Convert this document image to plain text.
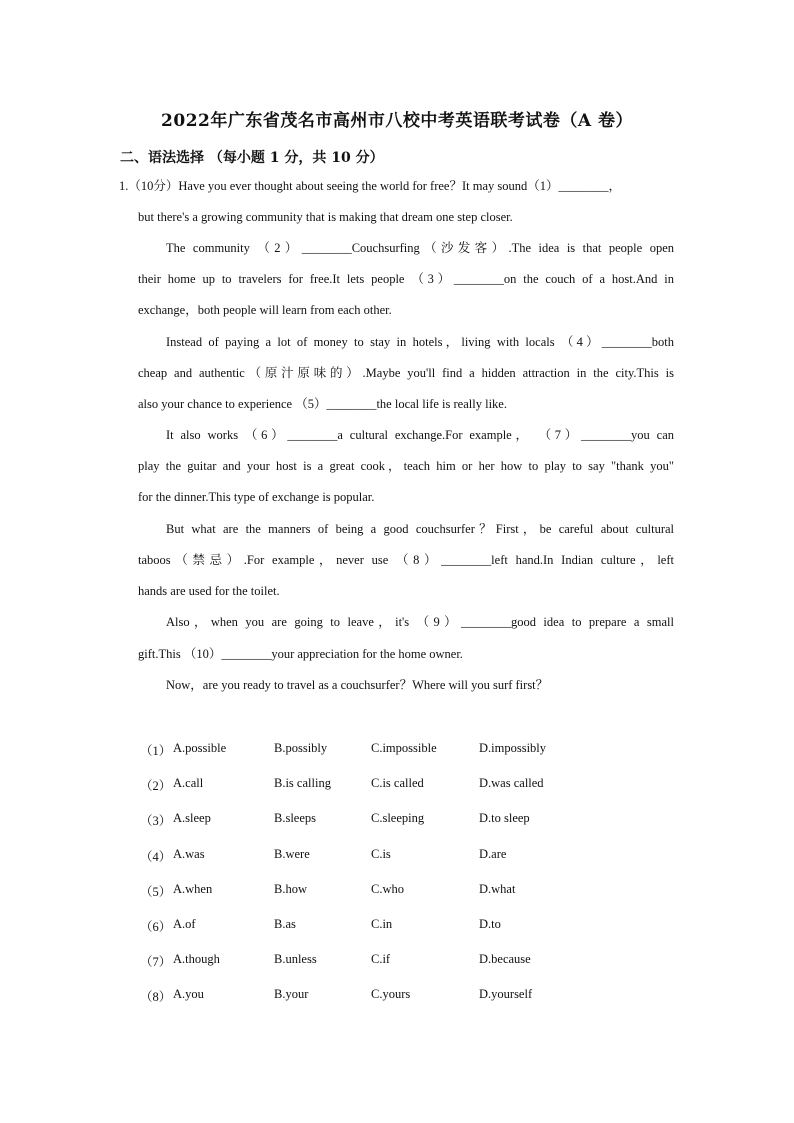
2022年广东省茂名市高州市八校中考英语联考试卷（A 卷）
二、语法选择 （每小题 1 分，共 10 分）
1.（10分）Have you ever thought about seeing the world for free？It may sound（1）________，
but there's a growing community that is making that dream one step closer.
The community （2）________Couchsurfing（沙发客）.The idea is that people open
their home up to travelers for free.It lets people （3）________on the couch of a host.And in
exchange，both people will learn from each other.
Instead of paying a lot of money to stay in hotels，living with locals （4）________both
cheap and authentic（原汁原味的）.Maybe you'll find a hidden attraction in the city.This is
also your chance to experience （5）________the local life is really like.
It also works （6）________a cultural exchange.For example， （7）________you can
play the guitar and your host is a great cook，teach him or her how to play to say "thank you"
for the dinner.This type of exchange is popular.
But what are the manners of being a good couchsurfer？First，be careful about cultural
taboos（禁忌）.For example，never use （8）________left hand.In Indian culture，left
hands are used for the toilet.
Also，when you are going to leave，it's （9）________good idea to prepare a small
gift.This （10）________your appreciation for the home owner.
Now，are you ready to travel as a couchsurfer？Where will you surf first？
（1） A.possible	B.possibly	C.impossible	D.impossibly
（2） A.call	B.is calling	C.is called	D.was called
（3） A.sleep	B.sleeps	C.sleeping	D.to sleep
（4） A.was	B.were	C.is	D.are
（5） A.when	B.how	C.who	D.what
（6） A.of	B.as	C.in	D.to
（7） A.though	B.unless	C.if	D.because
（8） A.you	B.your	C.yours	D.yourself
